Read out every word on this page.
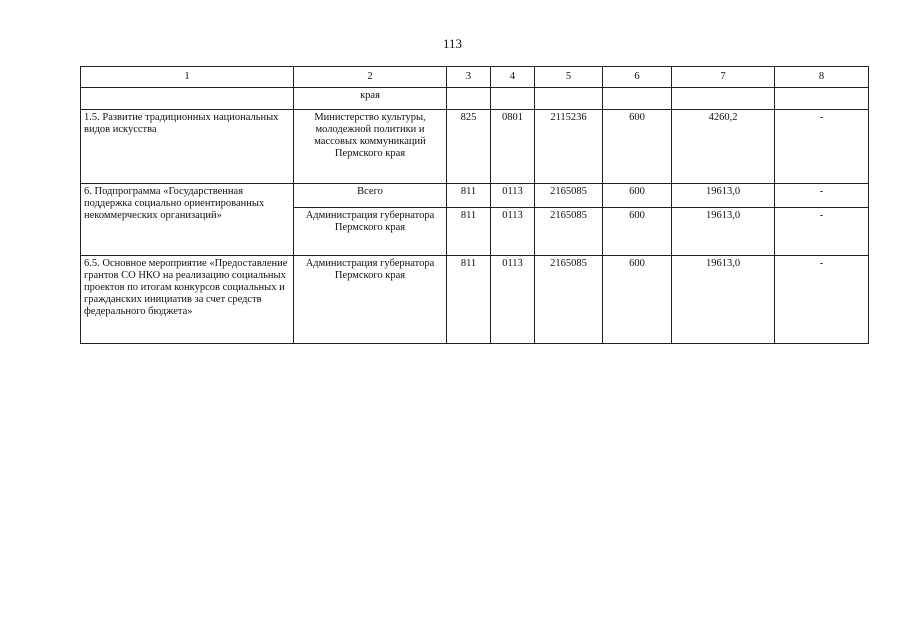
113
1	2	3	4	5	6	7	8
	края						
1.5. Развитие традиционных национальных видов искусства	Министерство культуры, молодежной политики и массовых коммуникаций Пермского края	825	0801	2115236	600	4260,2	-
6. Подпрограмма «Государственная поддержка социально ориентированных некоммерческих организаций»	Всего	811	0113	2165085	600	19613,0	-
	Администрация губернатора Пермского края	811	0113	2165085	600	19613,0	-
6.5. Основное мероприятие «Предоставление грантов СО НКО на реализацию социальных проектов по итогам конкурсов социальных и гражданских инициатив за счет средств федерального бюджета»	Администрация губернатора Пермского края	811	0113	2165085	600	19613,0	-
